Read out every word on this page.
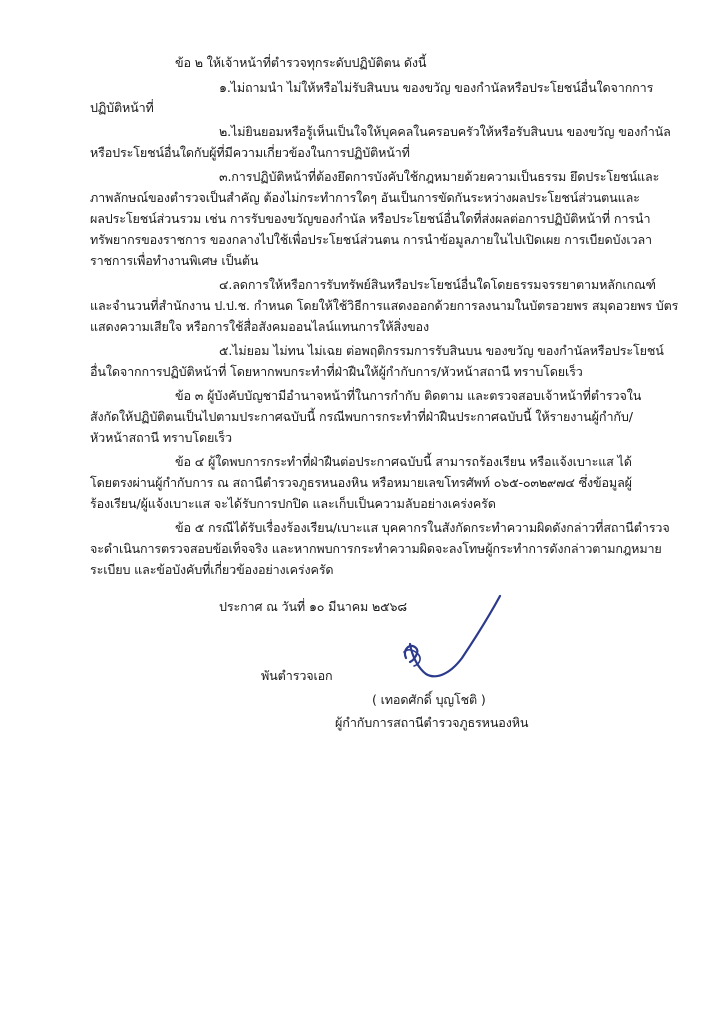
ข้อ ๒ ให้เจ้าหน้าที่ตำรวจทุกระดับปฏิบัติตน ดังนี้
๑.ไม่ถามนำ ไม่ให้หรือไม่รับสินบน ของขวัญ ของกำนัลหรือประโยชน์อื่นใดจากการ
ปฏิบัติหน้าที่
๒.ไม่ยินยอมหรือรู้เห็นเป็นใจให้บุคคลในครอบครัวให้หรือรับสินบน ของขวัญ ของกำนัล
หรือประโยชน์อื่นใดกับผู้ที่มีความเกี่ยวข้องในการปฏิบัติหน้าที่
๓.การปฏิบัติหน้าที่ต้องยึดการบังคับใช้กฎหมายด้วยความเป็นธรรม ยึดประโยชน์และ
ภาพลักษณ์ของตำรวจเป็นสำคัญ ต้องไม่กระทำการใดๆ อันเป็นการขัดกันระหว่างผลประโยชน์ส่วนตนและ
ผลประโยชน์ส่วนรวม เช่น การรับของขวัญของกำนัล หรือประโยชน์อื่นใดที่ส่งผลต่อการปฏิบัติหน้าที่ การนำ
ทรัพยากรของราชการ ของกลางไปใช้เพื่อประโยชน์ส่วนตน การนำข้อมูลภายในไปเปิดเผย การเบียดบังเวลา
ราชการเพื่อทำงานพิเศษ เป็นต้น
๔.ลดการให้หรือการรับทรัพย์สินหรือประโยชน์อื่นใดโดยธรรมจรรยาตามหลักเกณฑ์
และจำนวนที่สำนักงาน ป.ป.ช. กำหนด โดยให้ใช้วิธีการแสดงออกด้วยการลงนามในบัตรอวยพร สมุดอวยพร บัตร
แสดงความเสียใจ หรือการใช้สื่อสังคมออนไลน์แทนการให้สิ่งของ
๕.ไม่ยอม ไม่ทน ไม่เฉย ต่อพฤติกรรมการรับสินบน ของขวัญ ของกำนัลหรือประโยชน์
อื่นใดจากการปฏิบัติหน้าที่ โดยหากพบกระทำที่ฝ่าฝืนให้ผู้กำกับการ/หัวหน้าสถานี ทราบโดยเร็ว
ข้อ ๓ ผู้บังคับบัญชามีอำนาจหน้าที่ในการกำกับ ติดตาม และตรวจสอบเจ้าหน้าที่ตำรวจใน
สังกัดให้ปฏิบัติตนเป็นไปตามประกาศฉบับนี้ กรณีพบการกระทำที่ฝ่าฝืนประกาศฉบับนี้ ให้รายงานผู้กำกับ/
หัวหน้าสถานี ทราบโดยเร็ว
ข้อ ๔ ผู้ใดพบการกระทำที่ฝ่าฝืนต่อประกาศฉบับนี้ สามารถร้องเรียน หรือแจ้งเบาะแส ได้
โดยตรงผ่านผู้กำกับการ ณ สถานีตำรวจภูธรหนองหิน หรือหมายเลขโทรศัพท์ ๐๖๕-๐๓๒๙๗๔ ซึ่งข้อมูลผู้
ร้องเรียน/ผู้แจ้งเบาะแส จะได้รับการปกปิด และเก็บเป็นความลับอย่างเคร่งครัด
ข้อ ๕ กรณีได้รับเรื่องร้องเรียน/เบาะแส บุคคากรในสังกัดกระทำความผิดดังกล่าวที่สถานีตำรวจ
จะดำเนินการตรวจสอบข้อเท็จจริง และหากพบการกระทำความผิดจะลงโทษผู้กระทำการดังกล่าวตามกฎหมาย
ระเบียบ และข้อบังคับที่เกี่ยวข้องอย่างเคร่งครัด
ประกาศ ณ วันที่ ๑๐ มีนาคม ๒๕๖๘
พันตำรวจเอก
( เทอดศักดิ์ บุญโชติ )
ผู้กำกับการสถานีตำรวจภูธรหนองหิน
